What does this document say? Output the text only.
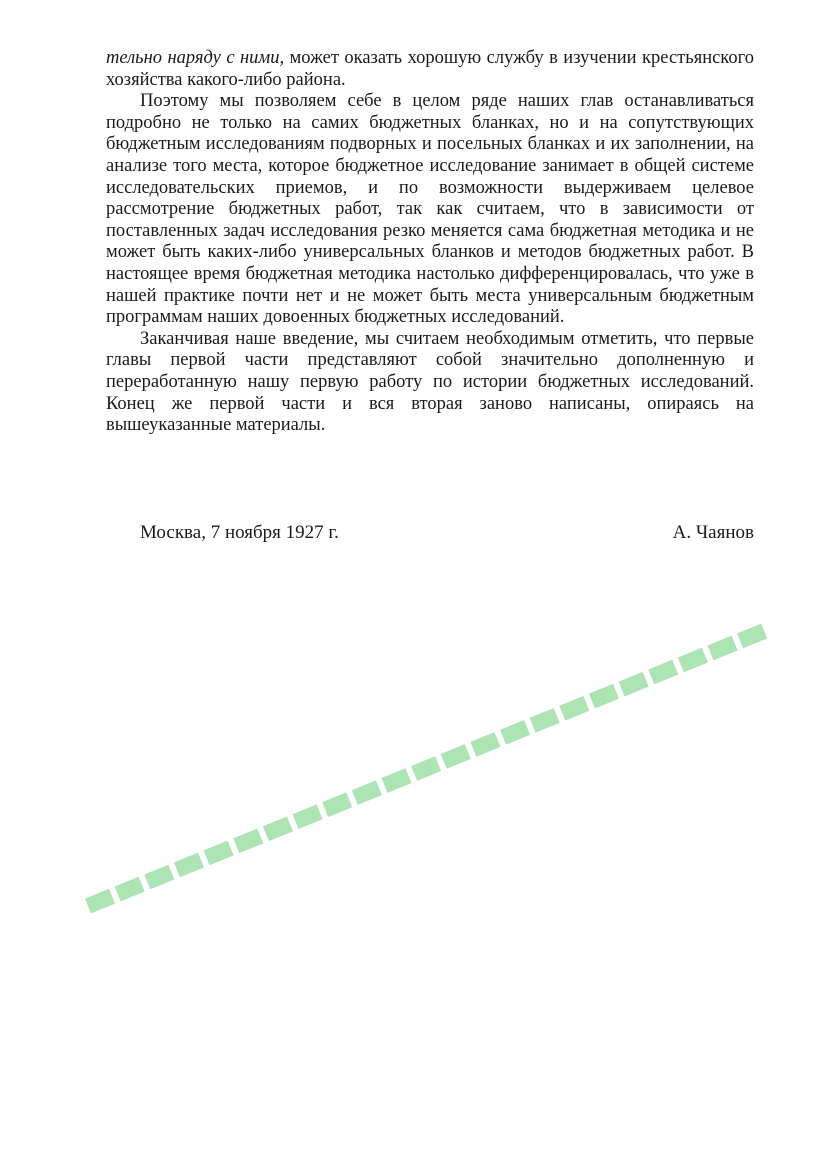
тельно наряду с ними, может оказать хорошую службу в изучении крестьянского хозяйства какого-либо района.

Поэтому мы позволяем себе в целом ряде наших глав останавливаться подробно не только на самих бюджетных бланках, но и на сопутствующих бюджетным исследованиям подворных и посельных бланках и их заполнении, на анализе того места, которое бюджетное исследование занимает в общей системе исследовательских приемов, и по возможности выдерживаем целевое рассмотрение бюджетных работ, так как считаем, что в зависимости от поставленных задач исследования резко меняется сама бюджетная методика и не может быть каких-либо универсальных бланков и методов бюджетных работ. В настоящее время бюджетная методика настолько дифференцировалась, что уже в нашей практике почти нет и не может быть места универсальным бюджетным программам наших довоенных бюджетных исследований.

Заканчивая наше введение, мы считаем необходимым отметить, что первые главы первой части представляют собой значительно дополненную и переработанную нашу первую работу по истории бюджетных исследований. Конец же первой части и вся вторая заново написаны, опираясь на вышеуказанные материалы.

Москва, 7 ноября 1927 г.	А. Чаянов
